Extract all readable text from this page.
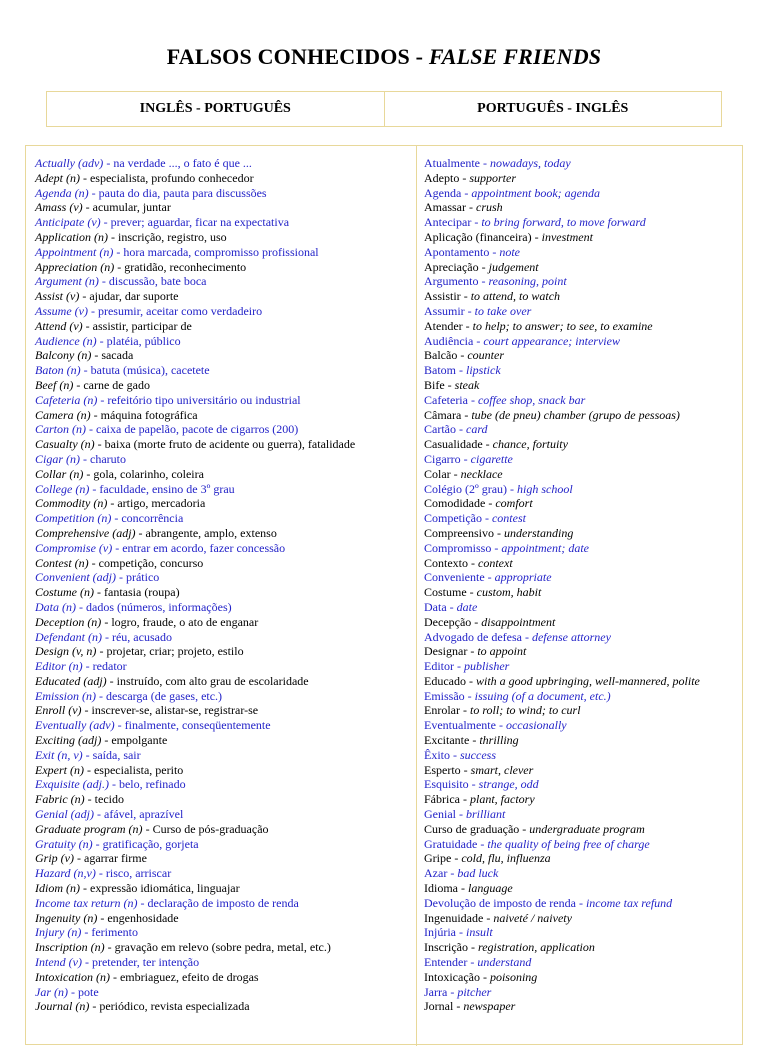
FALSOS CONHECIDOS - FALSE FRIENDS
INGLÊS - PORTUGUÊS	PORTUGUÊS - INGLÊS
Actually (adv) - na verdade ..., o fato é que ...
Adept (n) - especialista, profundo conhecedor
Agenda (n) - pauta do dia, pauta para discussões
Amass (v) - acumular, juntar
Anticipate (v) - prever; aguardar, ficar na expectativa
Application (n) - inscrição, registro, uso
Appointment (n) - hora marcada, compromisso profissional
Appreciation (n) - gratidão, reconhecimento
Argument (n) - discussão, bate boca
Assist (v) - ajudar, dar suporte
Assume (v) - presumir, aceitar como verdadeiro
Attend (v) - assistir, participar de
Audience (n) - platéia, público
Balcony (n) - sacada
Baton (n) - batuta (música), cacetete
Beef (n) - carne de gado
Cafeteria (n) - refeitório tipo universitário ou industrial
Camera (n) - máquina fotográfica
Carton (n) - caixa de papelão, pacote de cigarros (200)
Casualty (n) - baixa (morte fruto de acidente ou guerra), fatalidade
Cigar (n) - charuto
Collar (n) - gola, colarinho, coleira
College (n) - faculdade, ensino de 3º grau
Commodity (n) - artigo, mercadoria
Competition (n) - concorrência
Comprehensive (adj) - abrangente, amplo, extenso
Compromise (v) - entrar em acordo, fazer concessão
Contest (n) - competição, concurso
Convenient (adj) - prático
Costume (n) - fantasia (roupa)
Data (n) - dados (números, informações)
Deception (n) - logro, fraude, o ato de enganar
Defendant (n) - réu, acusado
Design (v, n) - projetar, criar; projeto, estilo
Editor (n) - redator
Educated (adj) - instruído, com alto grau de escolaridade
Emission (n) - descarga (de gases, etc.)
Enroll (v) - inscrever-se, alistar-se, registrar-se
Eventually (adv) - finalmente, conseqüentemente
Exciting (adj) - empolgante
Exit (n, v) - saída, sair
Expert (n) - especialista, perito
Exquisite (adj.) - belo, refinado
Fabric (n) - tecido
Genial (adj) - afável, aprazível
Graduate program (n) - Curso de pós-graduação
Gratuity (n) - gratificação, gorjeta
Grip (v) - agarrar firme
Hazard (n,v) - risco, arriscar
Idiom (n) - expressão idiomática, linguajar
Income tax return (n) - declaração de imposto de renda
Ingenuity (n) - engenhosidade
Injury (n) - ferimento
Inscription (n) - gravação em relevo (sobre pedra, metal, etc.)
Intend (v) - pretender, ter intenção
Intoxication (n) - embriaguez, efeito de drogas
Jar (n) - pote
Journal (n) - periódico, revista especializada
Atualmente - nowadays, today
Adepto - supporter
Agenda - appointment book; agenda
Amassar - crush
Antecipar - to bring forward, to move forward
Aplicação (financeira) - investment
Apontamento - note
Apreciação - judgement
Argumento - reasoning, point
Assistir - to attend, to watch
Assumir - to take over
Atender - to help; to answer; to see, to examine
Audiência - court appearance; interview
Balcão - counter
Batom - lipstick
Bife - steak
Cafeteria - coffee shop, snack bar
Câmara - tube (de pneu) chamber (grupo de pessoas)
Cartão - card
Casualidade - chance, fortuity
Cigarro - cigarette
Colar - necklace
Colégio (2º grau) - high school
Comodidade - comfort
Competição - contest
Compreensivo - understanding
Compromisso - appointment; date
Contexto - context
Conveniente - appropriate
Costume - custom, habit
Data - date
Decepção - disappointment
Advogado de defesa - defense attorney
Designar - to appoint
Editor - publisher
Educado - with a good upbringing, well-mannered, polite
Emissão - issuing (of a document, etc.)
Enrolar - to roll; to wind; to curl
Eventualmente - occasionally
Excitante - thrilling
Êxito - success
Esperto - smart, clever
Esquisito - strange, odd
Fábrica - plant, factory
Genial - brilliant
Curso de graduação - undergraduate program
Gratuidade - the quality of being free of charge
Gripe - cold, flu, influenza
Azar - bad luck
Idioma - language
Devolução de imposto de renda - income tax refund
Ingenuidade - naiveté / naivety
Injúria - insult
Inscrição - registration, application
Entender - understand
Intoxicação - poisoning
Jarra - pitcher
Jornal - newspaper
